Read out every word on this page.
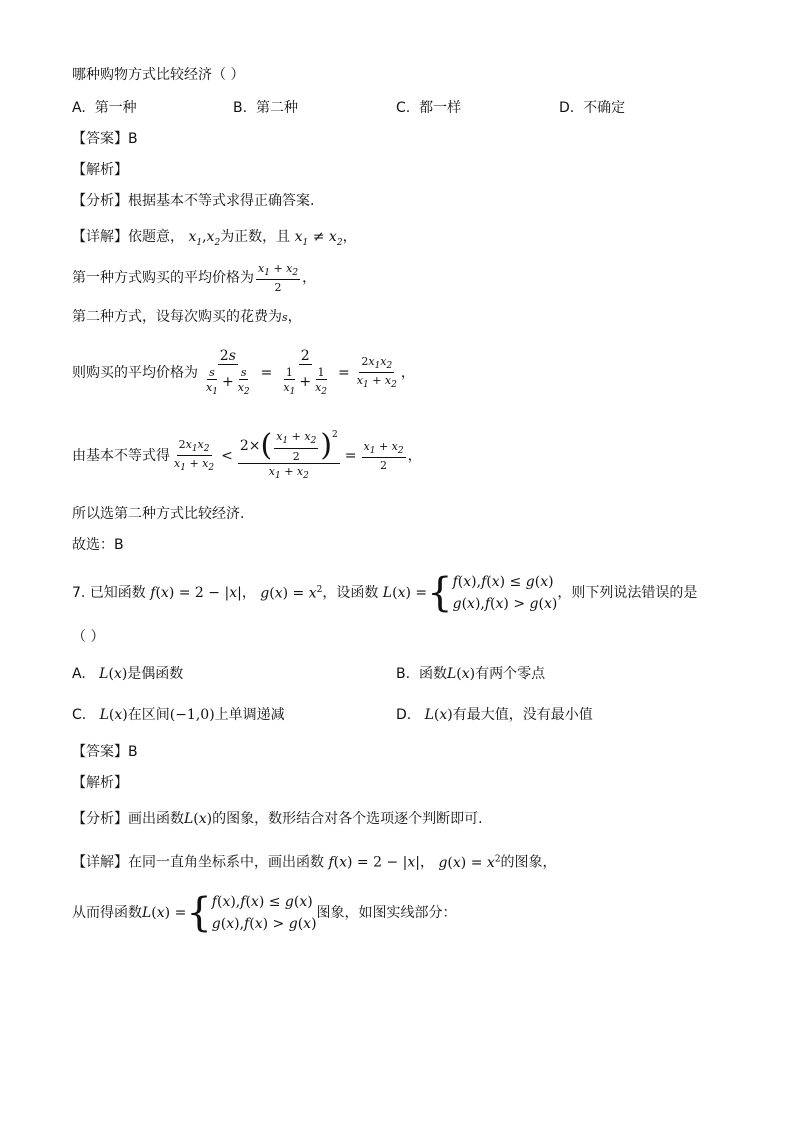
哪种购物方式比较经济（ ）
A. 第一种	B. 第二种	C. 都一样	D. 不确定
【答案】B
【解析】
【分析】根据基本不等式求得正确答案.
【详解】依题意， $x_1,x_2$为正数，且 $x_1 \ne x_2$，
第一种方式购买的平均价格为 $\frac{x_1 + x_2}{2}$ ，
第二种方式，设每次购买的花费为s，
则购买的平均价格为 $\frac{2s}{\frac{s}{x_1} + \frac{s}{x_2}} = \frac{2}{\frac{1}{x_1} + \frac{1}{x_2}} = \frac{2x_1x_2}{x_1 + x_2}$ ，
由基本不等式得 $\frac{2x_1x_2}{x_1 + x_2} < \frac{2\times ( \frac{x_1 + x_2}{2} )^2}{x_1 + x_2} = \frac{x_1 + x_2}{2}$ ，
所以选第二种方式比较经济.
故选：B
7.
已知函数 f(x) = 2 − |x| ， $g(x) = x^2$ ，设函数 L(x) = { f(x),f(x) ≤ g(x)
g(x),f(x) > g(x)
，则下列说法错误的是
（ ）
A.   L(x)是偶函数	B. 函数L(x)有两个零点
C.   L(x)在区间(−1,0)上单调递减	D.   L(x)有最大值，没有最小值
【答案】B
【解析】
【分析】画出函数L(x)的图象，数形结合对各个选项逐个判断即可.
【详解】在同一直角坐标系中，画出函数 f(x) = 2 − |x|， $g(x) = x^2$的图象，
从而得函数 L(x) = { f(x),f(x) ≤ g(x)
g(x),f(x) > g(x)
图象，如图实线部分：
